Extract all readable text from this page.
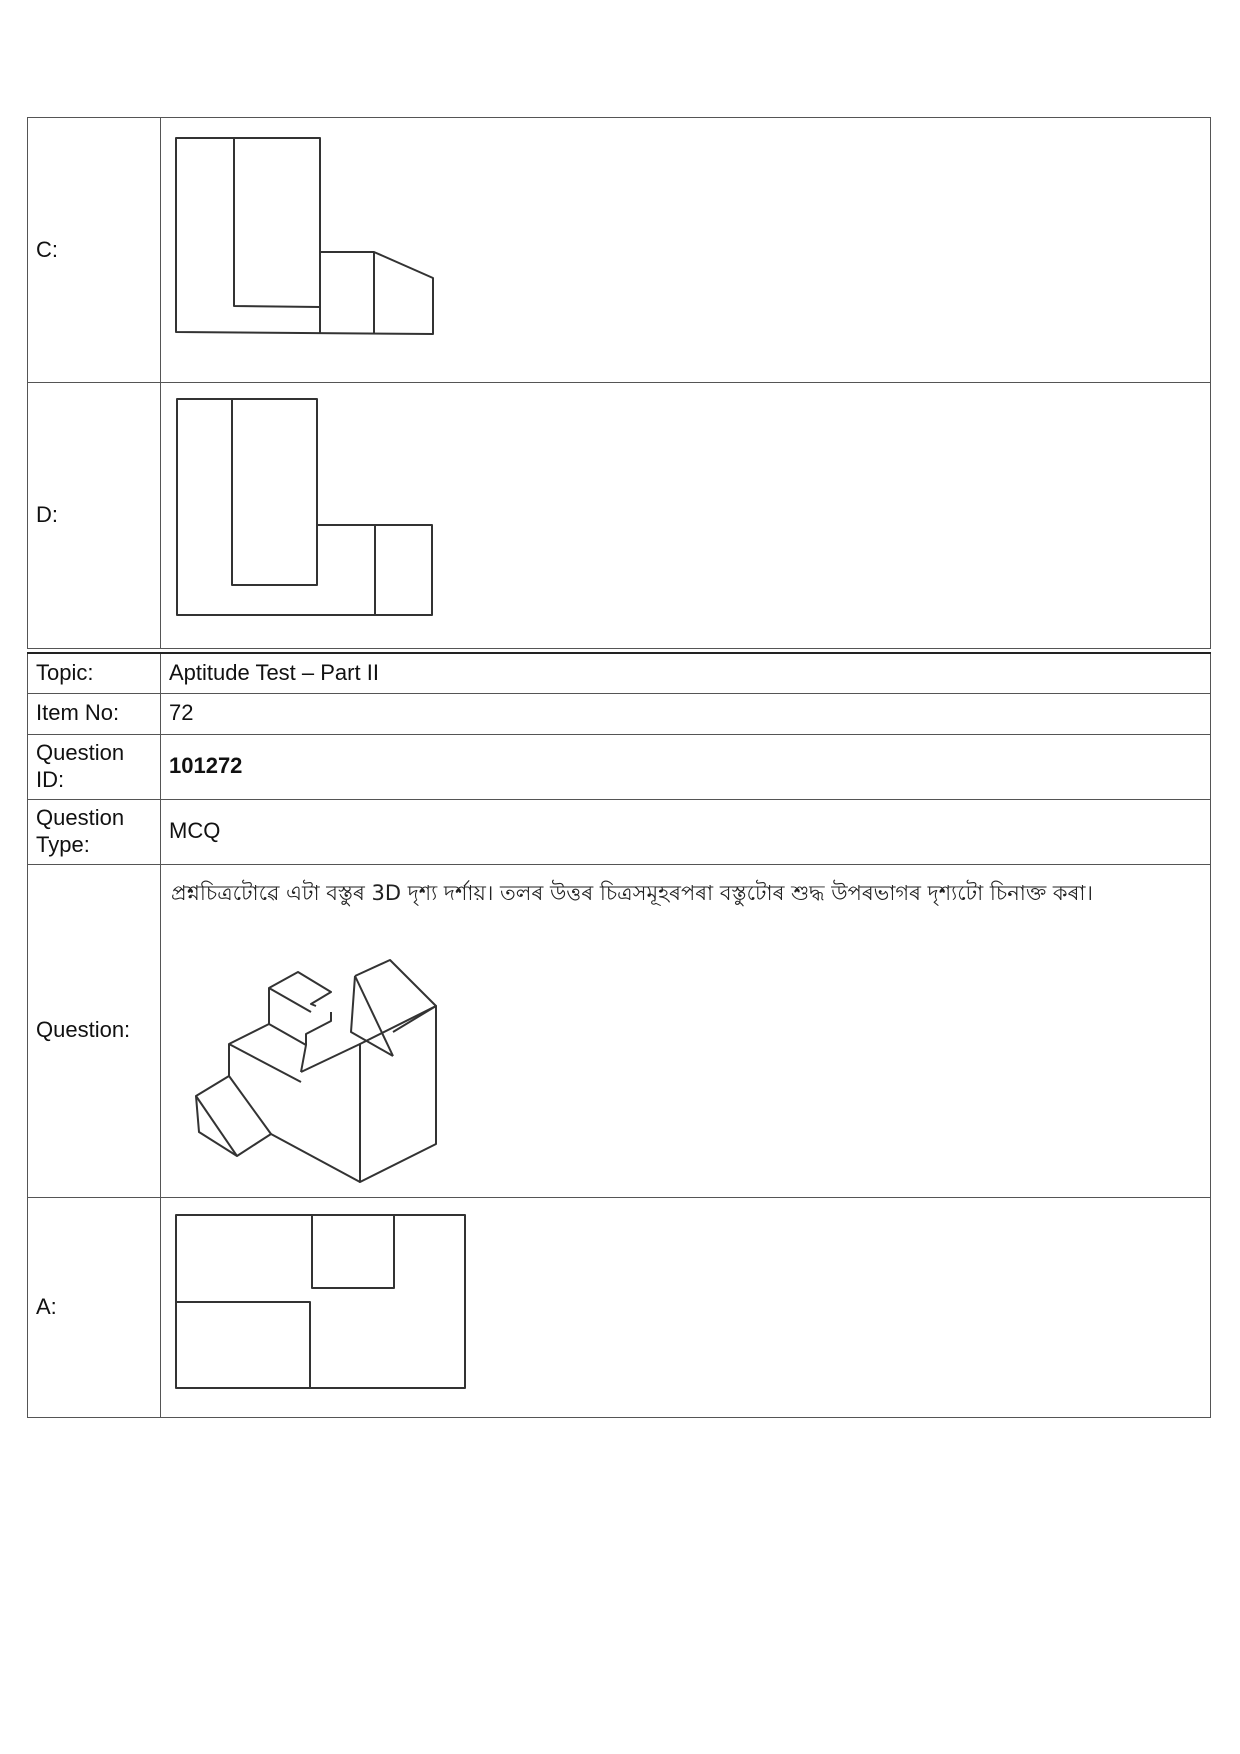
C:	
D:	
Topic:	Aptitude Test – Part II
Item No:	72
Question ID:	101272
Question Type:	MCQ
Question:	প্ৰশ্নচিত্ৰটোৱে এটা বস্তুৰ 3D দৃশ্য দৰ্শায়। তলৰ উত্তৰ চিত্ৰসমূহৰপৰা বস্তুটোৰ শুদ্ধ উপৰভাগৰ দৃশ্যটো চিনাক্ত কৰা।

A:	
